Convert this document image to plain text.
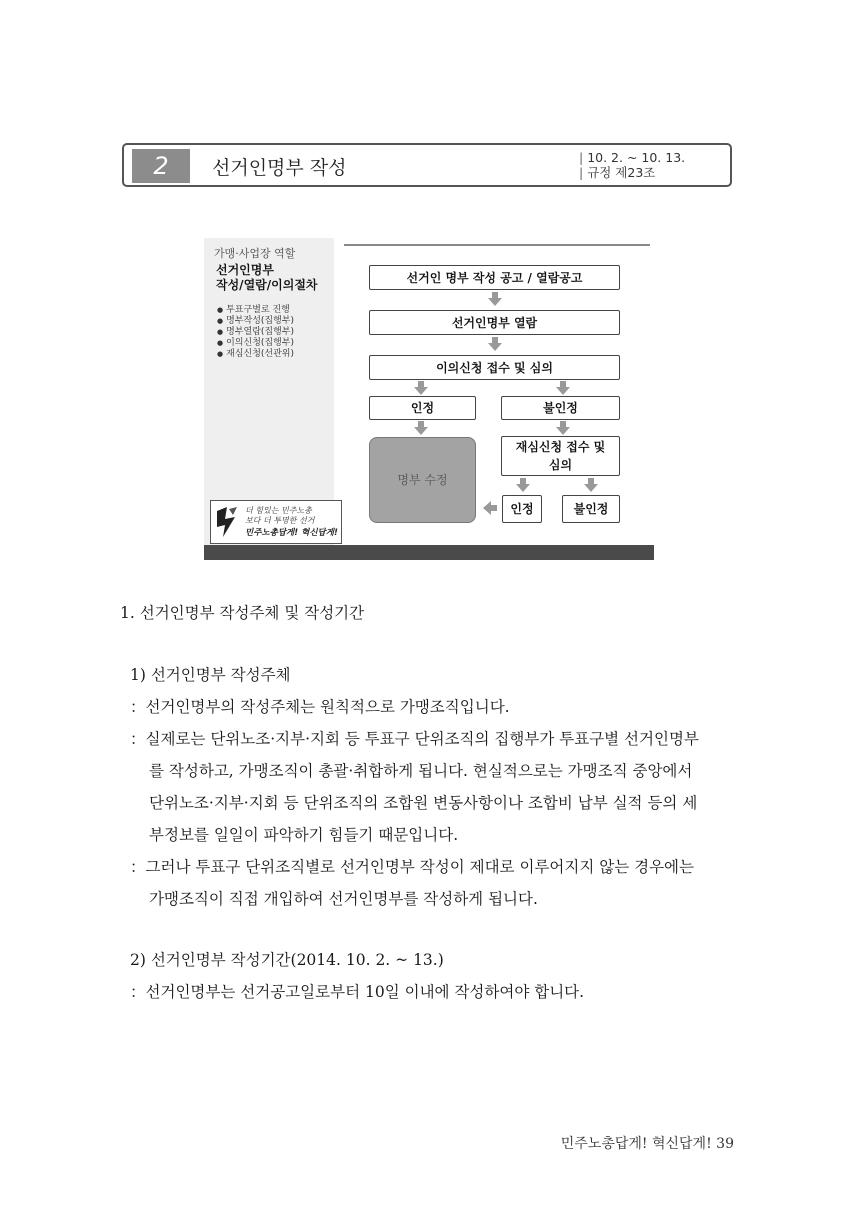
2	선거인명부 작성
|	10. 2. ~ 10. 13.
| 규정 제23조
가맹·사업장 역할
선거인명부
작성/열람/이의절차
● 투표구별로 진행
● 명부작성(집행부)
● 명부열람(집행부)
● 이의신청(집행부)
● 재심신청(선관위)
더 힘있는 민주노총
보다 더 투명한 선거
민주노총답게! 혁신답게!
선거인 명부 작성 공고 / 열람공고
선거인명부 열람
이의신청 접수 및 심의
인정	불인정
명부 수정
재심신청 접수 및
심의
인정	불인정
1. 선거인명부 작성주체 및 작성기간
1) 선거인명부 작성주체
：선거인명부의 작성주체는 원칙적으로 가맹조직입니다.
：실제로는 단위노조·지부·지회 등 투표구 단위조직의 집행부가 투표구별 선거인명부
를 작성하고, 가맹조직이 총괄·취합하게 됩니다. 현실적으로는 가맹조직 중앙에서
단위노조·지부·지회 등 단위조직의 조합원 변동사항이나 조합비 납부 실적 등의 세
부정보를 일일이 파악하기 힘들기 때문입니다.
：그러나 투표구 단위조직별로 선거인명부 작성이 제대로 이루어지지 않는 경우에는
가맹조직이 직접 개입하여 선거인명부를 작성하게 됩니다.
2) 선거인명부 작성기간(2014. 10. 2. ~ 13.)
：선거인명부는 선거공고일로부터 10일 이내에 작성하여야 합니다.
민주노총답게! 혁신답게! 39
